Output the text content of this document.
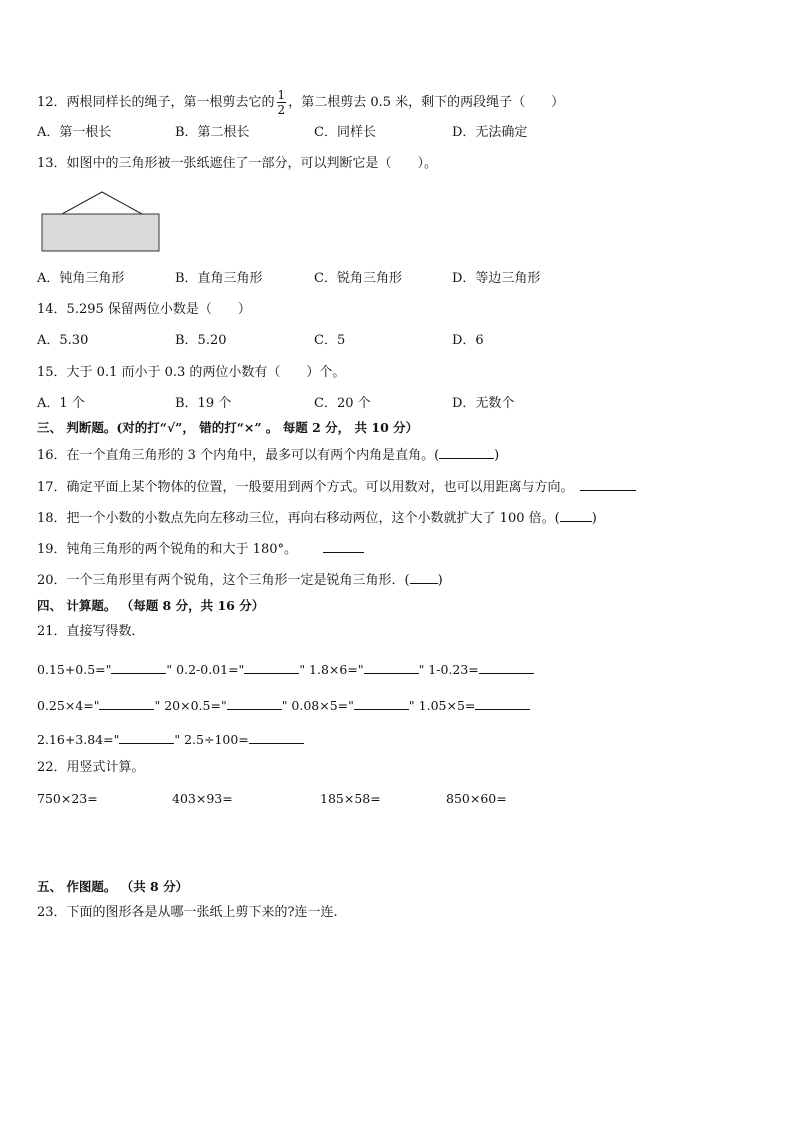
12．两根同样长的绳子，第一根剪去它的 $\frac{1}{2}$ ，第二根剪去 0.5 米，剩下的两段绳子（　　）
A．第一根长	B．第二根长	C．同样长	D．无法确定
13．如图中的三角形被一张纸遮住了一部分，可以判断它是（　　）。
A．钝角三角形	B．直角三角形	C．锐角三角形	D．等边三角形
14．5.295 保留两位小数是（　　）
A．5.30	B．5.20	C．5	D．6
15．大于 0.1 而小于 0.3 的两位小数有（　　）个。
A．1 个	B．19 个	C．20 个	D．无数个
三、 判断题。(对的打“√”， 错的打“×” 。 每题 2 分， 共 10 分）
16．在一个直角三角形的 3 个内角中，最多可以有两个内角是直角。(	)
17．确定平面上某个物体的位置，一般要用到两个方式。可以用数对，也可以用距离与方向。
18．把一个小数的小数点先向左移动三位，再向右移动两位，这个小数就扩大了 100 倍。( )
19．钝角三角形的两个锐角的和大于 180°。
20．一个三角形里有两个锐角，这个三角形一定是锐角三角形．( )
四、 计算题。 （每题 8 分，共 16 分）
21．直接写得数．
0.15+0.5="	" 0.2-0.01="	" 1.8×6="	" 1-0.23=
0.25×4="	" 20×0.5="	" 0.08×5="	" 1.05×5=
2.16+3.84="	" 2.5÷100=
22．用竖式计算。
750×23=	403×93=	185×58=	850×60=
五、 作图题。 （共 8 分）
23．下面的图形各是从哪一张纸上剪下来的?连一连.
